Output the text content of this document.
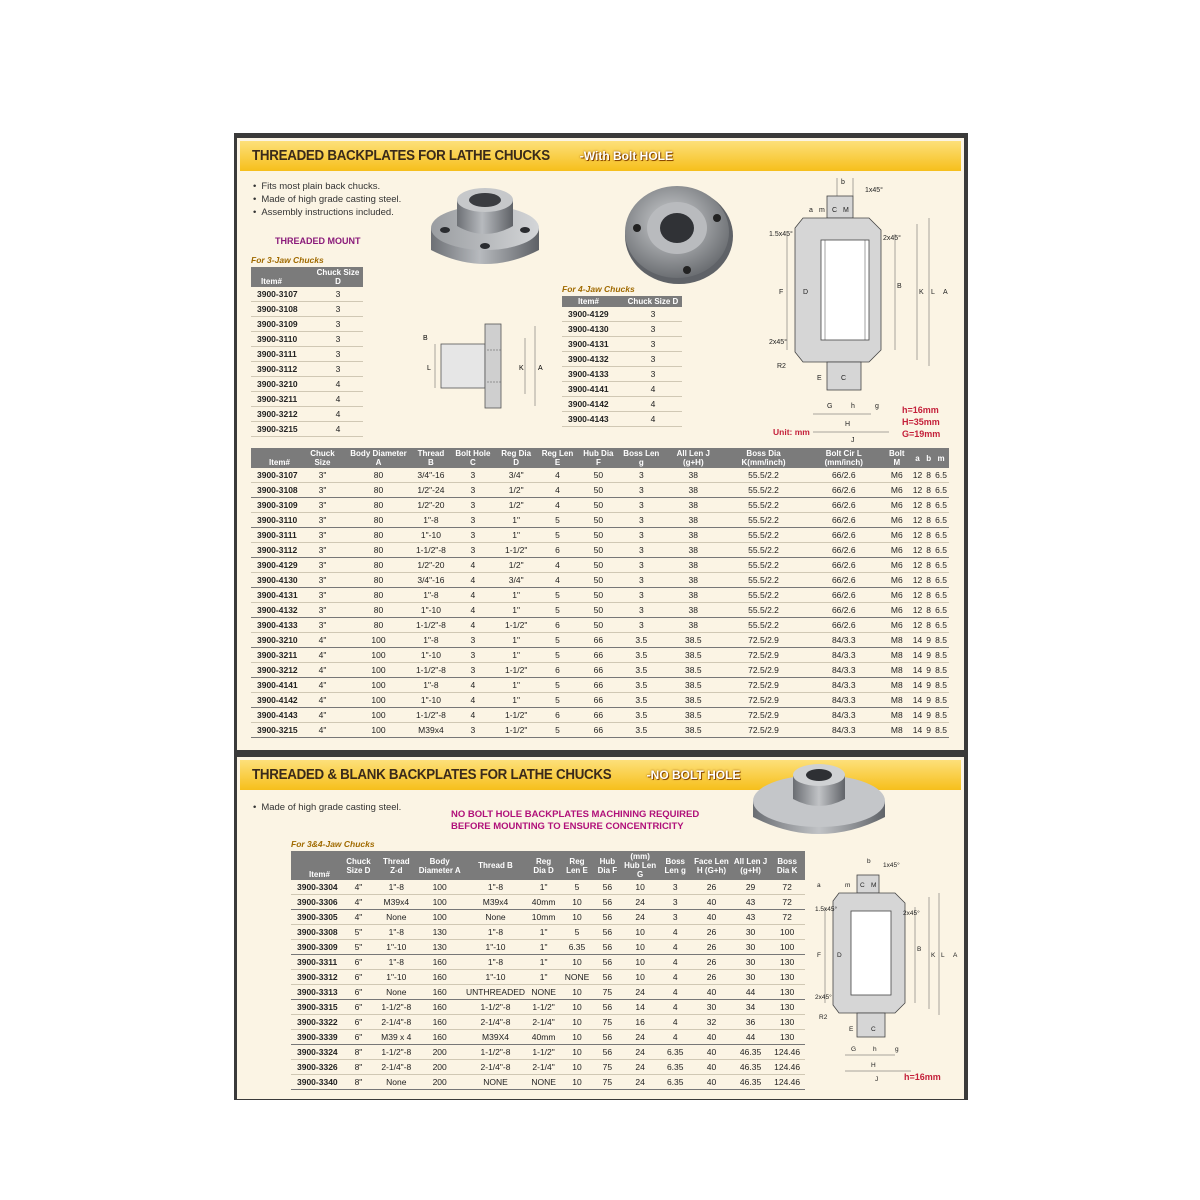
THREADED BACKPLATES FOR LATHE CHUCKS -With Bolt HOLE
• Fits most plain back chucks.
• Made of high grade casting steel.
• Assembly instructions included.
THREADED MOUNT
B
L	K A
b
1x45°
a m C M
1.5x45°
2x45°
F	D
B
K L A
2x45°
R2
E	C
G	h	g
H
J
Unit: mm
h=16mm
H=35mm
G=19mm
For 3-Jaw Chucks
Item#	Chuck Size D
3900-3107	3
3900-3108	3
3900-3109	3
3900-3110	3
3900-3111	3
3900-3112	3
3900-3210	4
3900-3211	4
3900-3212	4
3900-3215	4
For 4-Jaw Chucks
Item#	Chuck Size D
3900-4129	3
3900-4130	3
3900-4131	3
3900-4132	3
3900-4133	3
3900-4141	4
3900-4142	4
3900-4143	4
Item#	Chuck Size	Body Diameter A	Thread B	Bolt Hole C	Reg Dia D	Reg Len E	Hub Dia F	Boss Len g	All Len J (g+H)	Boss Dia K(mm/inch)	Bolt Cir L (mm/inch)	Bolt M	a	b	m
3900-3107	3"	80	3/4"-16	3	3/4"	4	50	3	38	55.5/2.2	66/2.6	M6	12	8	6.5
3900-3108	3"	80	1/2"-24	3	1/2"	4	50	3	38	55.5/2.2	66/2.6	M6	12	8	6.5
3900-3109	3"	80	1/2"-20	3	1/2"	4	50	3	38	55.5/2.2	66/2.6	M6	12	8	6.5
3900-3110	3"	80	1"-8	3	1"	5	50	3	38	55.5/2.2	66/2.6	M6	12	8	6.5
3900-3111	3"	80	1"-10	3	1"	5	50	3	38	55.5/2.2	66/2.6	M6	12	8	6.5
3900-3112	3"	80	1-1/2"-8	3	1-1/2"	6	50	3	38	55.5/2.2	66/2.6	M6	12	8	6.5
3900-4129	3"	80	1/2"-20	4	1/2"	4	50	3	38	55.5/2.2	66/2.6	M6	12	8	6.5
3900-4130	3"	80	3/4"-16	4	3/4"	4	50	3	38	55.5/2.2	66/2.6	M6	12	8	6.5
3900-4131	3"	80	1"-8	4	1"	5	50	3	38	55.5/2.2	66/2.6	M6	12	8	6.5
3900-4132	3"	80	1"-10	4	1"	5	50	3	38	55.5/2.2	66/2.6	M6	12	8	6.5
3900-4133	3"	80	1-1/2"-8	4	1-1/2"	6	50	3	38	55.5/2.2	66/2.6	M6	12	8	6.5
3900-3210	4"	100	1"-8	3	1"	5	66	3.5	38.5	72.5/2.9	84/3.3	M8	14	9	8.5
3900-3211	4"	100	1"-10	3	1"	5	66	3.5	38.5	72.5/2.9	84/3.3	M8	14	9	8.5
3900-3212	4"	100	1-1/2"-8	3	1-1/2"	6	66	3.5	38.5	72.5/2.9	84/3.3	M8	14	9	8.5
3900-4141	4"	100	1"-8	4	1"	5	66	3.5	38.5	72.5/2.9	84/3.3	M8	14	9	8.5
3900-4142	4"	100	1"-10	4	1"	5	66	3.5	38.5	72.5/2.9	84/3.3	M8	14	9	8.5
3900-4143	4"	100	1-1/2"-8	4	1-1/2"	6	66	3.5	38.5	72.5/2.9	84/3.3	M8	14	9	8.5
3900-3215	4"	100	M39x4	3	1-1/2"	5	66	3.5	38.5	72.5/2.9	84/3.3	M8	14	9	8.5
THREADED & BLANK BACKPLATES FOR LATHE CHUCKS	-NO BOLT HOLE
• Made of high grade casting steel.
NO BOLT HOLE BACKPLATES MACHINING REQUIRED
BEFORE MOUNTING TO ENSURE CONCENTRICITY
b
1x45°
a	m C M
1.5x45°
2x45°
F D
B
K L A
2x45°
R2
E	C
G	h	g
H
J	h=16mm
For 3&4-Jaw Chucks
Item#	Chuck Size D	Thread Z-d	Body Diameter A	Thread B	Reg Dia D	Reg Len E	Hub Dia F	(mm) Hub Len G	Boss Len g	Face Len H (G+h)	All Len J (g+H)	Boss Dia K
3900-3304	4"	1"-8	100	1"-8	1"	5	56	10	3	26	29	72
3900-3306	4"	M39x4	100	M39x4	40mm	10	56	24	3	40	43	72
3900-3305	4"	None	100	None	10mm	10	56	24	3	40	43	72
3900-3308	5"	1"-8	130	1"-8	1"	5	56	10	4	26	30	100
3900-3309	5"	1"-10	130	1"-10	1"	6.35	56	10	4	26	30	100
3900-3311	6"	1"-8	160	1"-8	1"	10	56	10	4	26	30	130
3900-3312	6"	1"-10	160	1"-10	1"	NONE	56	10	4	26	30	130
3900-3313	6"	None	160	UNTHREADED	NONE	10	75	24	4	40	44	130
3900-3315	6"	1-1/2"-8	160	1-1/2"-8	1-1/2"	10	56	14	4	30	34	130
3900-3322	6"	2-1/4"-8	160	2-1/4"-8	2-1/4"	10	75	16	4	32	36	130
3900-3339	6"	M39 x 4	160	M39X4	40mm	10	56	24	4	40	44	130
3900-3324	8"	1-1/2"-8	200	1-1/2"-8	1-1/2"	10	56	24	6.35	40	46.35	124.46
3900-3326	8"	2-1/4"-8	200	2-1/4"-8	2-1/4"	10	75	24	6.35	40	46.35	124.46
3900-3340	8"	None	200	NONE	NONE	10	75	24	6.35	40	46.35	124.46
